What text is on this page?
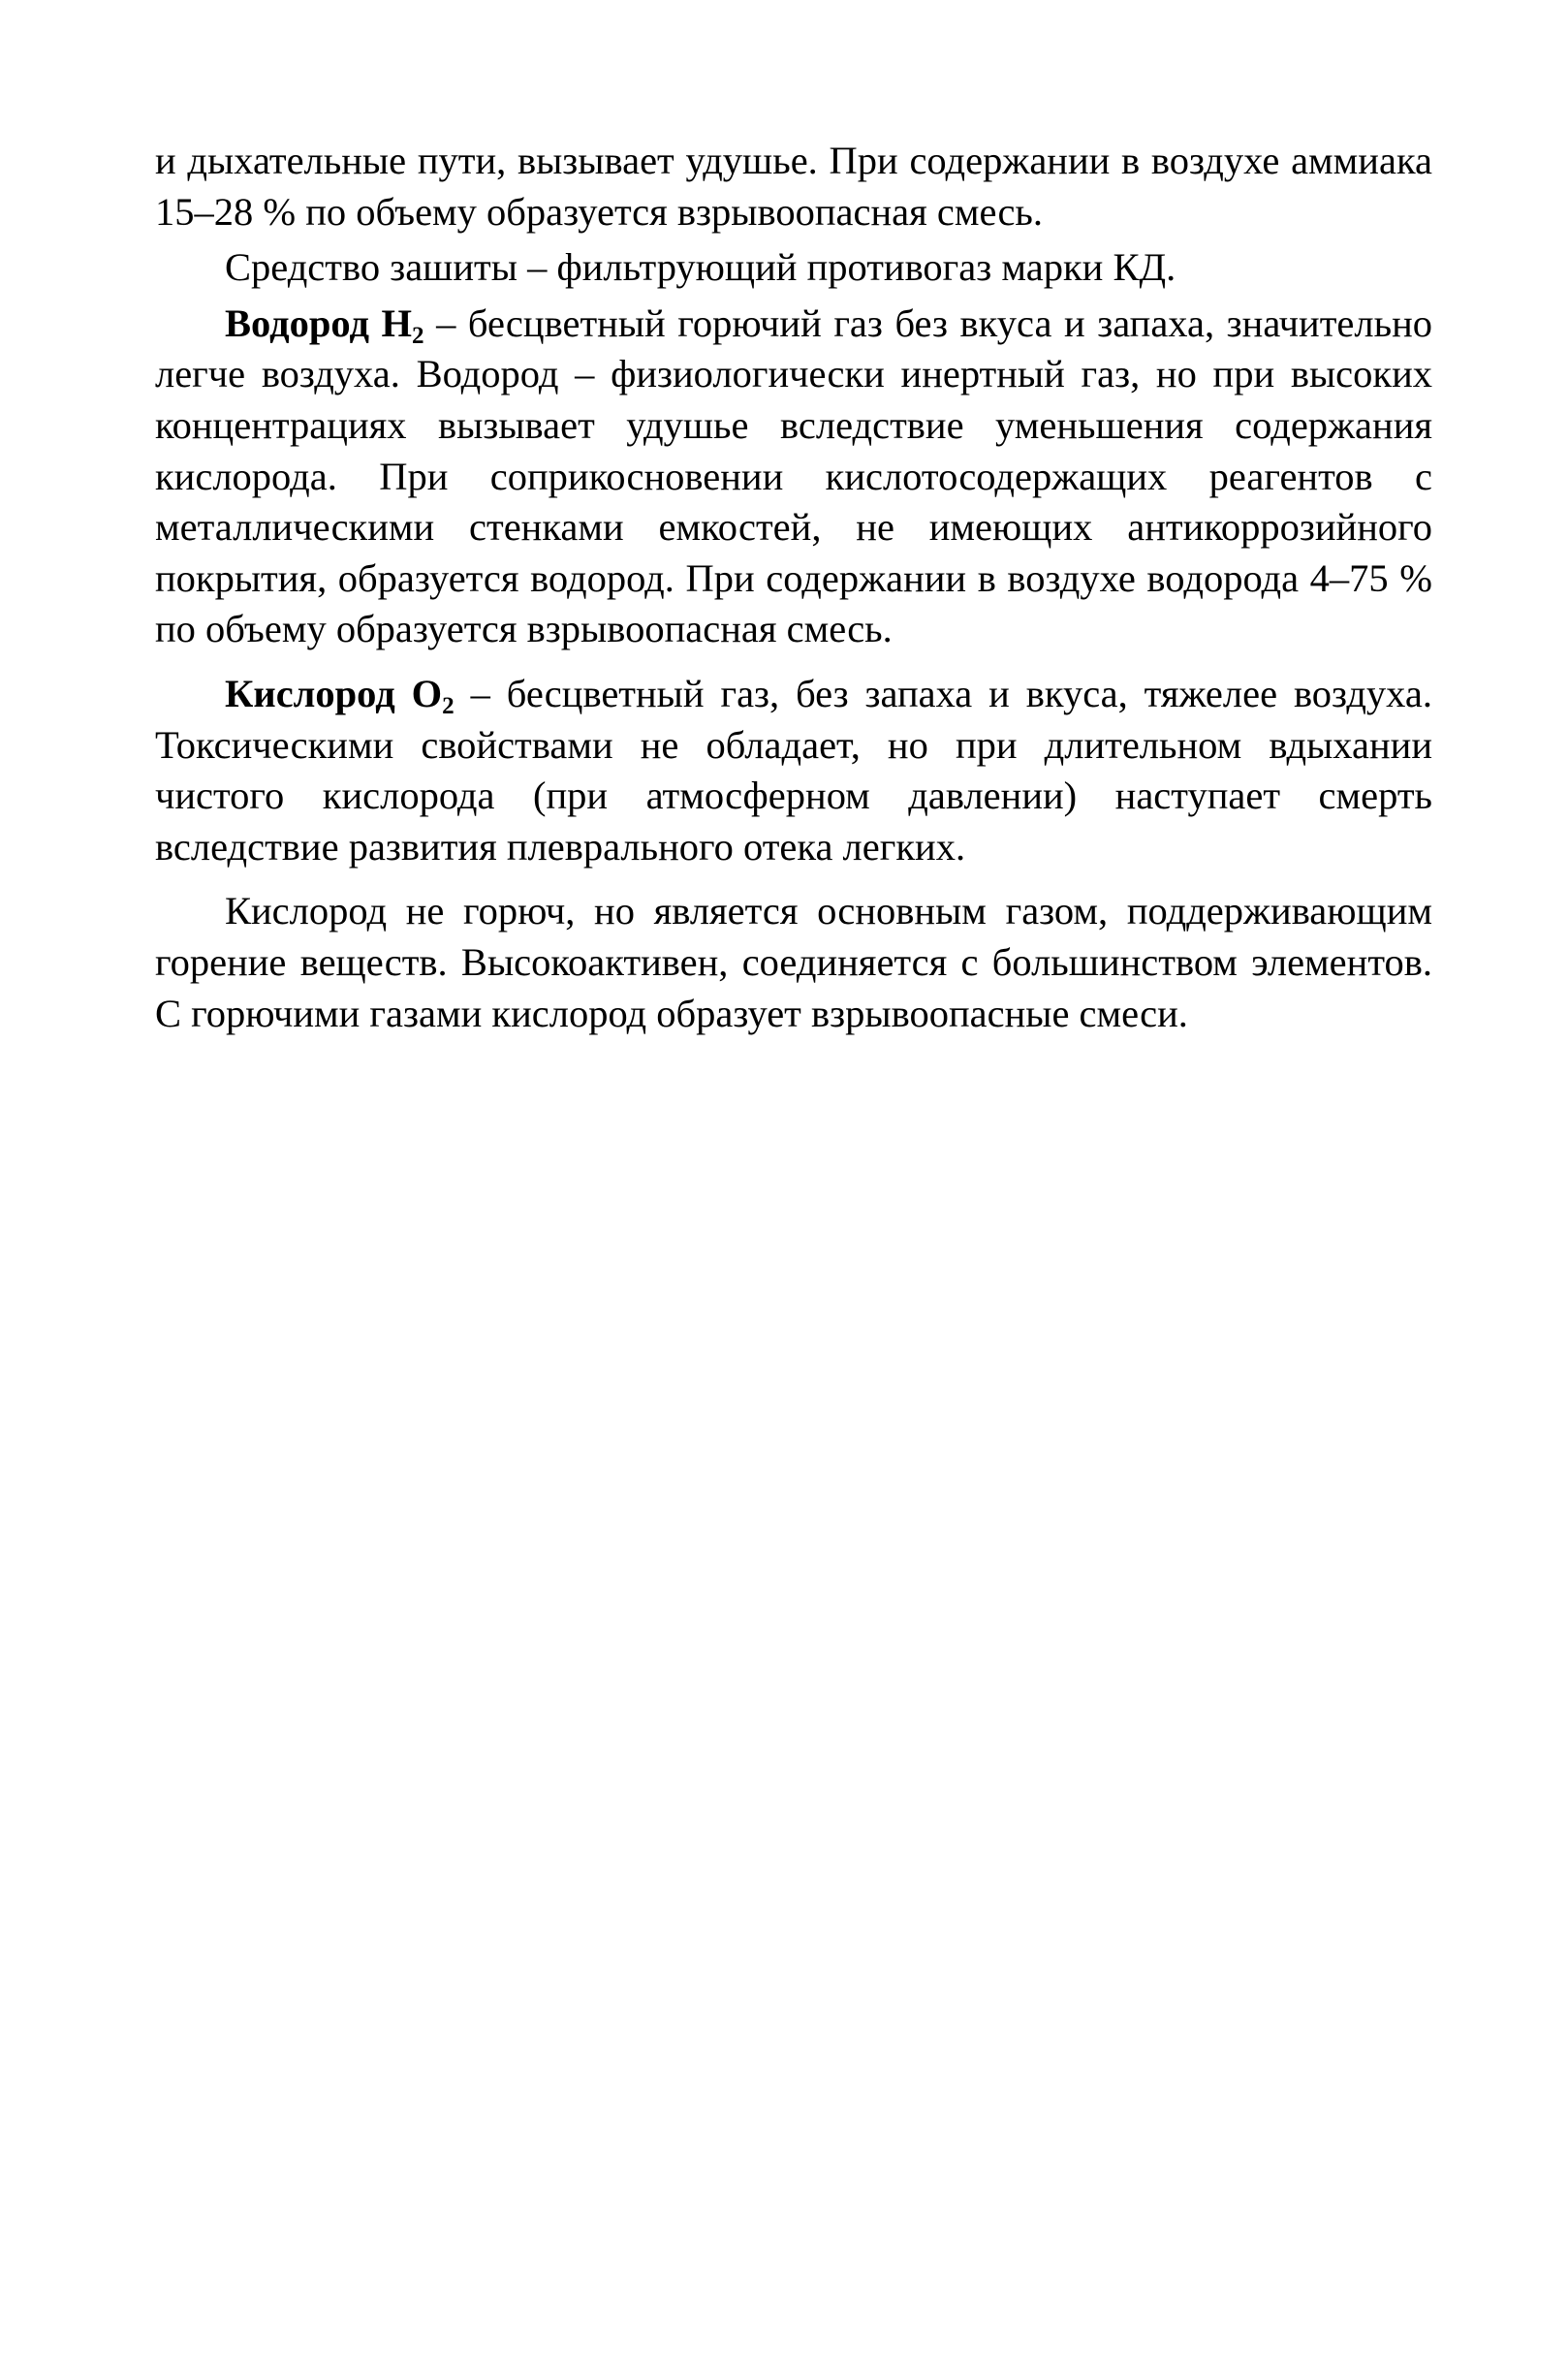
и дыхательные пути, вызывает удушье. При содержании в воздухе аммиака 15–28 % по объему образуется взрывоопасная смесь.

Средство зашиты – фильтрующий противогаз марки КД.

Водород $H_2$ – бесцветный горючий газ без вкуса и запаха, значительно легче воздуха. Водород – физиологически инертный газ, но при высоких концентрациях вызывает удушье вследствие уменьшения содержания кислорода. При соприкосновении кислотосодержащих реагентов с металлическими стенками емкостей, не имеющих антикоррозийного покрытия, образуется водород. При содержании в воздухе водорода 4–75 % по объему образуется взрывоопасная смесь.

Кислород $O_2$ – бесцветный газ, без запаха и вкуса, тяжелее воздуха. Токсическими свойствами не обладает, но при длительном вдыхании чистого кислорода (при атмосферном давлении) наступает смерть вследствие развития плеврального отека легких.

Кислород не горюч, но является основным газом, поддерживающим горение веществ. Высокоактивен, соединяется с большинством элементов. С горючими газами кислород образует взрывоопасные смеси.
